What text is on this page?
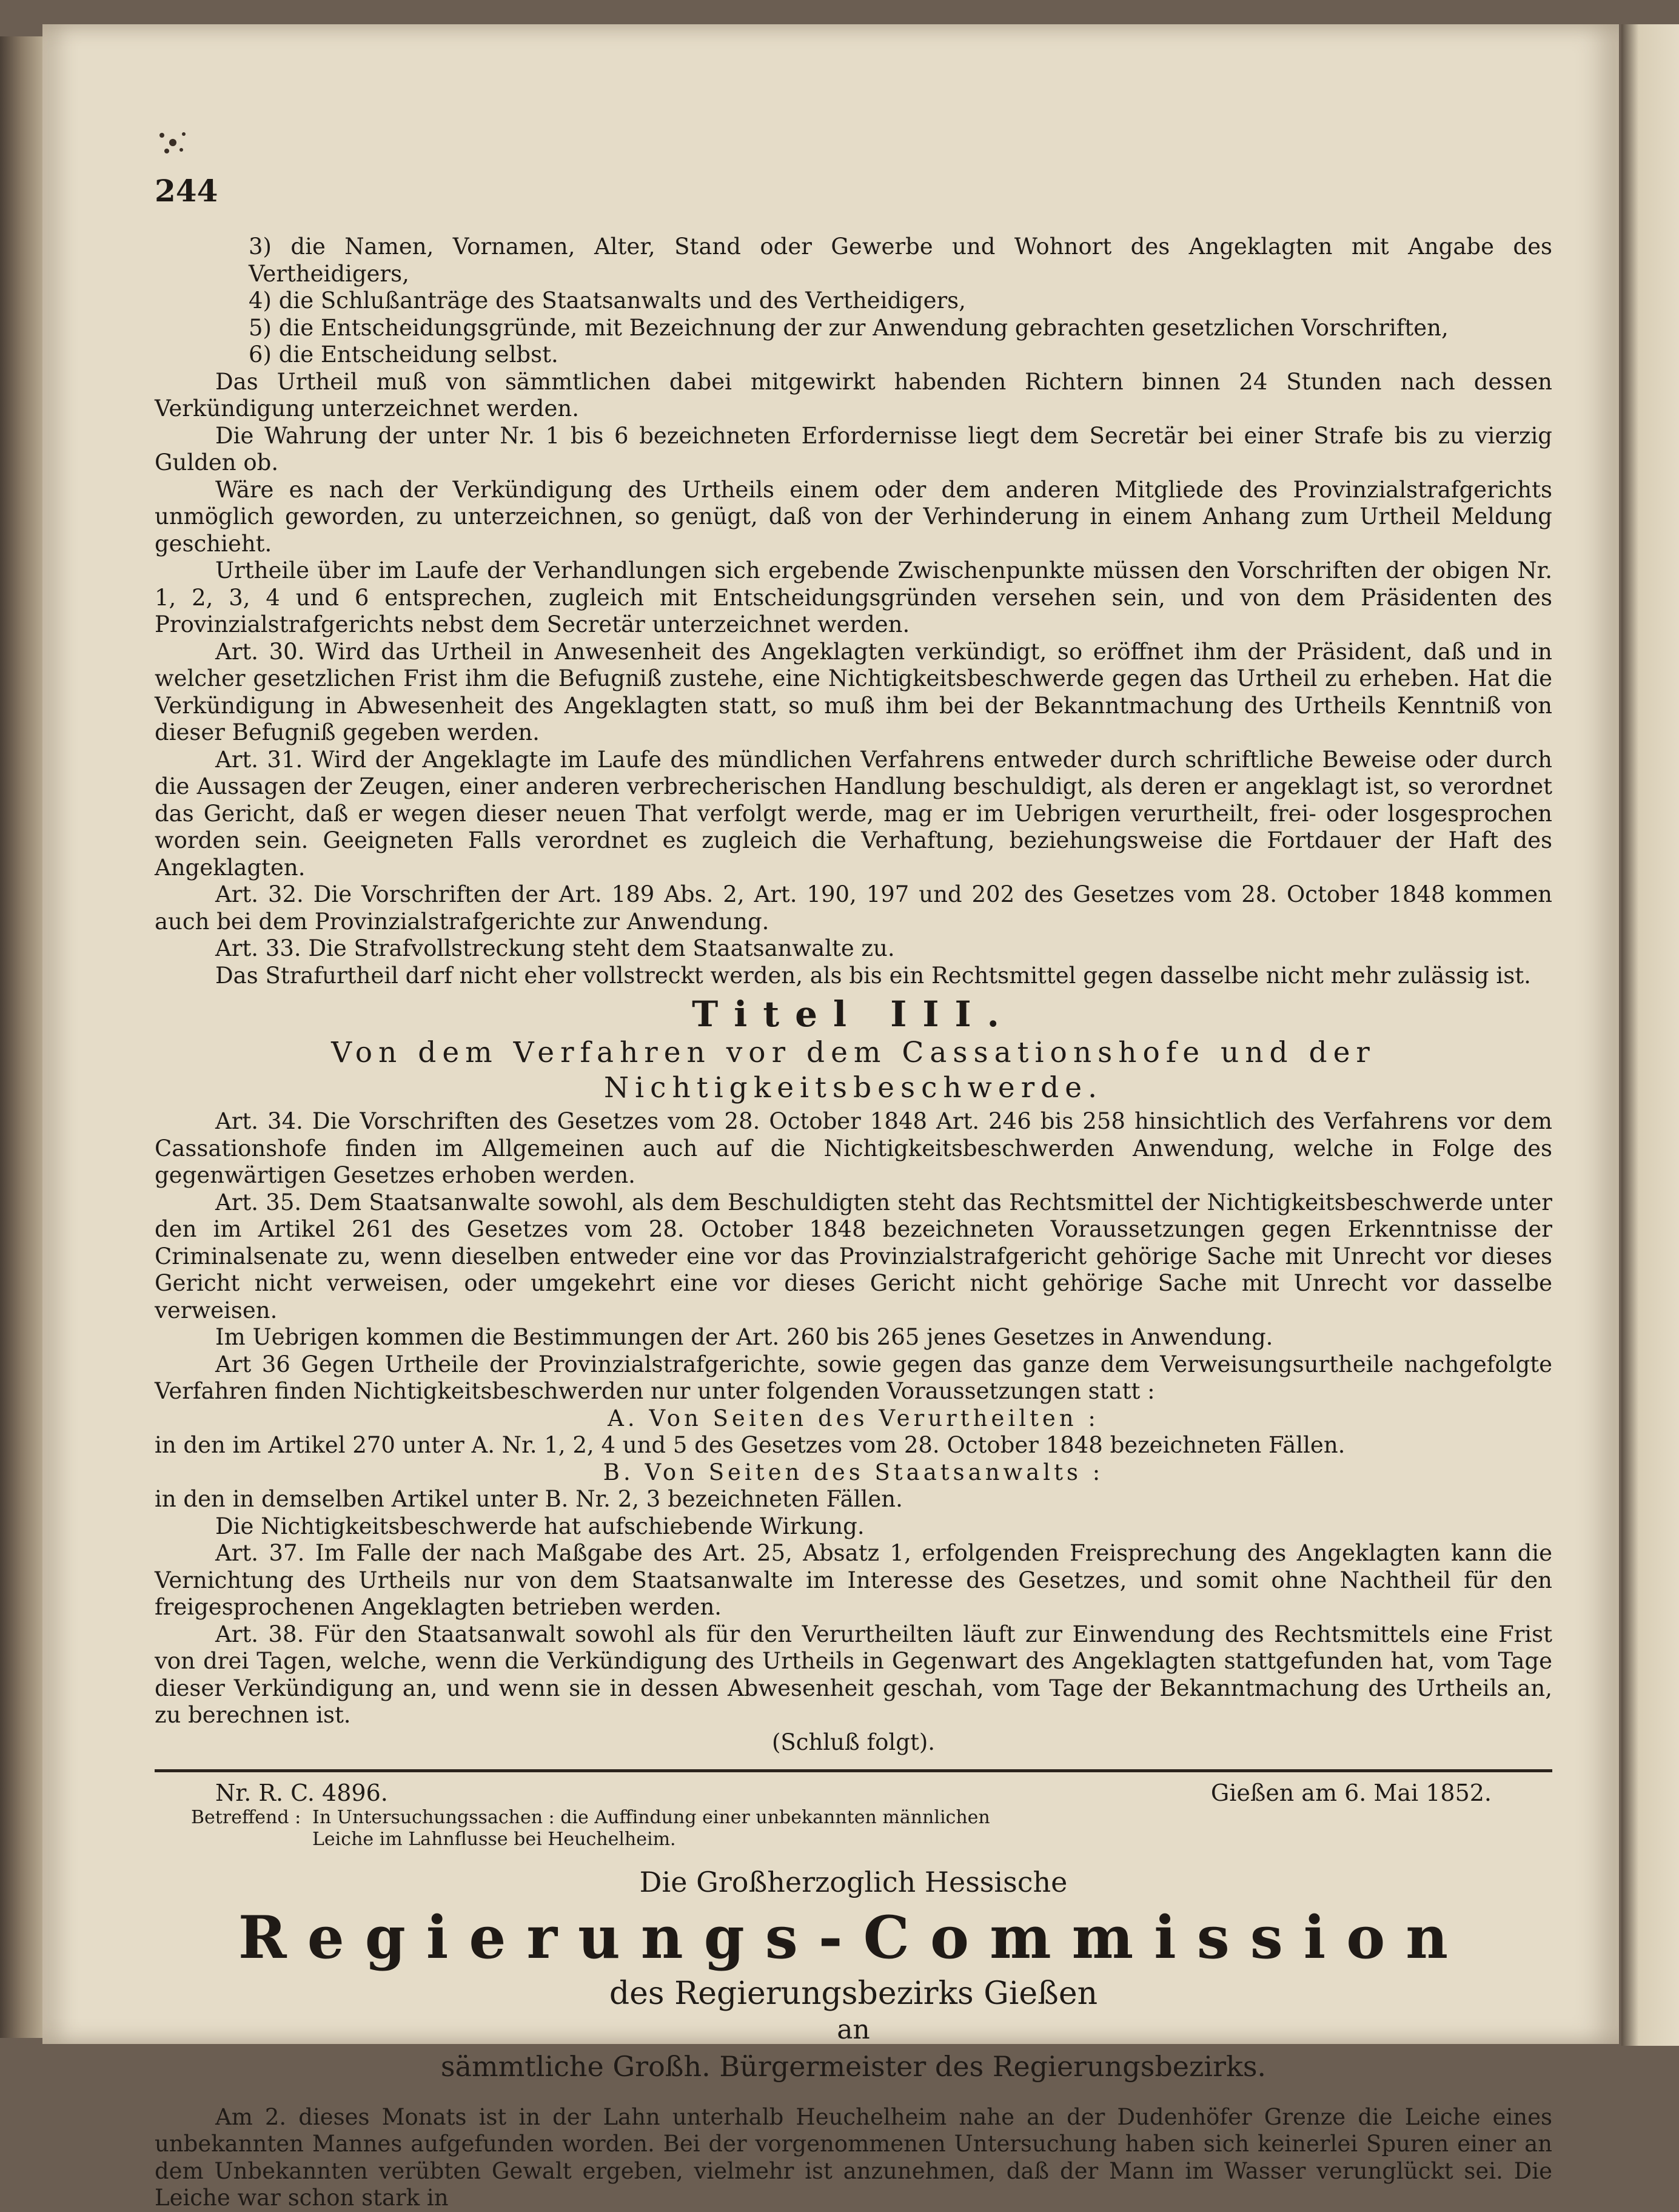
244

3) die Namen, Vornamen, Alter, Stand oder Gewerbe und Wohnort des Angeklagten mit Angabe des Vertheidigers,

4) die Schlußanträge des Staatsanwalts und des Vertheidigers,

5) die Entscheidungsgründe, mit Bezeichnung der zur Anwendung gebrachten gesetzlichen Vorschriften,

6) die Entscheidung selbst.

Das Urtheil muß von sämmtlichen dabei mitgewirkt habenden Richtern binnen 24 Stunden nach dessen Verkündigung unterzeichnet werden.

Die Wahrung der unter Nr. 1 bis 6 bezeichneten Erfordernisse liegt dem Secretär bei einer Strafe bis zu vierzig Gulden ob.

Wäre es nach der Verkündigung des Urtheils einem oder dem anderen Mitgliede des Provinzialstrafgerichts unmöglich geworden, zu unterzeichnen, so genügt, daß von der Verhinderung in einem Anhang zum Urtheil Meldung geschieht.

Urtheile über im Laufe der Verhandlungen sich ergebende Zwischenpunkte müssen den Vorschriften der obigen Nr. 1, 2, 3, 4 und 6 entsprechen, zugleich mit Entscheidungsgründen versehen sein, und von dem Präsidenten des Provinzialstrafgerichts nebst dem Secretär unterzeichnet werden.

Art. 30. Wird das Urtheil in Anwesenheit des Angeklagten verkündigt, so eröffnet ihm der Präsident, daß und in welcher gesetzlichen Frist ihm die Befugniß zustehe, eine Nichtigkeitsbeschwerde gegen das Urtheil zu erheben. Hat die Verkündigung in Abwesenheit des Angeklagten statt, so muß ihm bei der Bekanntmachung des Urtheils Kenntniß von dieser Befugniß gegeben werden.

Art. 31. Wird der Angeklagte im Laufe des mündlichen Verfahrens entweder durch schriftliche Beweise oder durch die Aussagen der Zeugen, einer anderen verbrecherischen Handlung beschuldigt, als deren er angeklagt ist, so verordnet das Gericht, daß er wegen dieser neuen That verfolgt werde, mag er im Uebrigen verurtheilt, frei- oder losgesprochen worden sein. Geeigneten Falls verordnet es zugleich die Verhaftung, beziehungsweise die Fortdauer der Haft des Angeklagten.

Art. 32. Die Vorschriften der Art. 189 Abs. 2, Art. 190, 197 und 202 des Gesetzes vom 28. October 1848 kommen auch bei dem Provinzialstrafgerichte zur Anwendung.

Art. 33. Die Strafvollstreckung steht dem Staatsanwalte zu.

Das Strafurtheil darf nicht eher vollstreckt werden, als bis ein Rechtsmittel gegen dasselbe nicht mehr zulässig ist.

Titel III.
Von dem Verfahren vor dem Cassationshofe und der Nichtigkeitsbeschwerde.

Art. 34. Die Vorschriften des Gesetzes vom 28. October 1848 Art. 246 bis 258 hinsichtlich des Verfahrens vor dem Cassationshofe finden im Allgemeinen auch auf die Nichtigkeitsbeschwerden Anwendung, welche in Folge des gegenwärtigen Gesetzes erhoben werden.

Art. 35. Dem Staatsanwalte sowohl, als dem Beschuldigten steht das Rechtsmittel der Nichtigkeitsbeschwerde unter den im Artikel 261 des Gesetzes vom 28. October 1848 bezeichneten Voraussetzungen gegen Erkenntnisse der Criminalsenate zu, wenn dieselben entweder eine vor das Provinzialstrafgericht gehörige Sache mit Unrecht vor dieses Gericht nicht verweisen, oder umgekehrt eine vor dieses Gericht nicht gehörige Sache mit Unrecht vor dasselbe verweisen.

Im Uebrigen kommen die Bestimmungen der Art. 260 bis 265 jenes Gesetzes in Anwendung.

Art 36 Gegen Urtheile der Provinzialstrafgerichte, sowie gegen das ganze dem Verweisungsurtheile nachgefolgte Verfahren finden Nichtigkeitsbeschwerden nur unter folgenden Voraussetzungen statt :

A. Von Seiten des Verurtheilten :

in den im Artikel 270 unter A. Nr. 1, 2, 4 und 5 des Gesetzes vom 28. October 1848 bezeichneten Fällen.

B. Von Seiten des Staatsanwalts :

in den in demselben Artikel unter B. Nr. 2, 3 bezeichneten Fällen.

Die Nichtigkeitsbeschwerde hat aufschiebende Wirkung.

Art. 37. Im Falle der nach Maßgabe des Art. 25, Absatz 1, erfolgenden Freisprechung des Angeklagten kann die Vernichtung des Urtheils nur von dem Staatsanwalte im Interesse des Gesetzes, und somit ohne Nachtheil für den freigesprochenen Angeklagten betrieben werden.

Art. 38. Für den Staatsanwalt sowohl als für den Verurtheilten läuft zur Einwendung des Rechtsmittels eine Frist von drei Tagen, welche, wenn die Verkündigung des Urtheils in Gegenwart des Angeklagten stattgefunden hat, vom Tage dieser Verkündigung an, und wenn sie in dessen Abwesenheit geschah, vom Tage der Bekanntmachung des Urtheils an, zu berechnen ist.

(Schluß folgt).

Nr. R. C. 4896.	Gießen am 6. Mai 1852.
Betreffend : In Untersuchungssachen : die Auffindung einer unbekannten männlichen Leiche im Lahnflusse bei Heuchelheim.
Die Großherzoglich Hessische
Regierungs-Commission
des Regierungsbezirks Gießen
an
sämmtliche Großh. Bürgermeister des Regierungsbezirks.

Am 2. dieses Monats ist in der Lahn unterhalb Heuchelheim nahe an der Dudenhöfer Grenze die Leiche eines unbekannten Mannes aufgefunden worden. Bei der vorgenommenen Untersuchung haben sich keinerlei Spuren einer an dem Unbekannten verübten Gewalt ergeben, vielmehr ist anzunehmen, daß der Mann im Wasser verunglückt sei. Die Leiche war schon stark in
